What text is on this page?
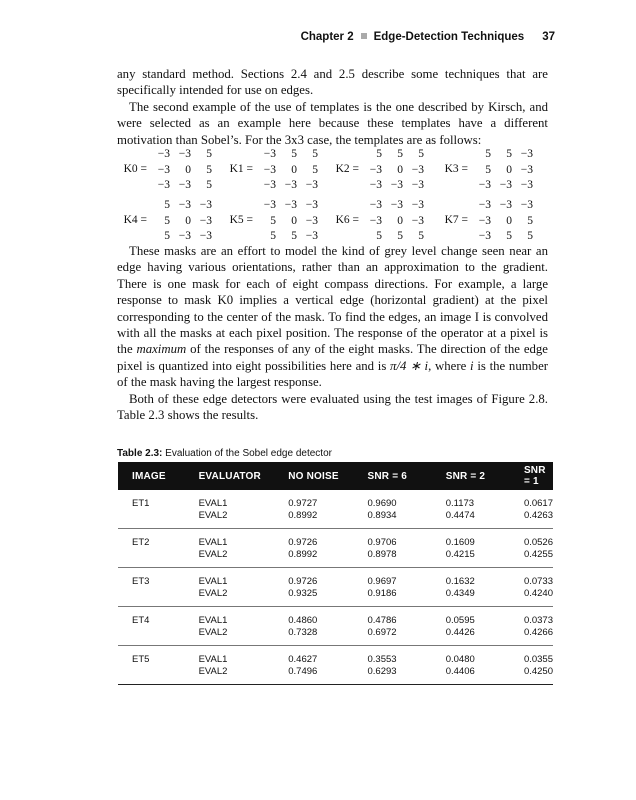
Chapter 2 Edge-Detection Techniques 37

any standard method. Sections 2.4 and 2.5 describe some techniques that are specifically intended for use on edges.

The second example of the use of templates is the one described by Kirsch, and were selected as an example here because these templates have a different motivation than Sobel’s. For the 3x3 case, the templates are as follows:

K0 =
−3	−3	5
−3	0	5
−3	−3	5
K1 =
−3	5	5
−3	0	5
−3	−3	−3
K2 =
5	5	5
−3	0	−3
−3	−3	−3
K3 =
5	5	−3
5	0	−3
−3	−3	−3
K4 =
5	−3	−3
5	0	−3
5	−3	−3
K5 =
−3	−3	−3
5	0	−3
5	5	−3
K6 =
−3	−3	−3
−3	0	−3
5	5	5
K7 =
−3	−3	−3
−3	0	5
−3	5	5

These masks are an effort to model the kind of grey level change seen near an edge having various orientations, rather than an approximation to the gradient. There is one mask for each of eight compass directions. For example, a large response to mask K0 implies a vertical edge (horizontal gradient) at the pixel corresponding to the center of the mask. To find the edges, an image I is convolved with all the masks at each pixel position. The response of the operator at a pixel is the maximum of the responses of any of the eight masks. The direction of the edge pixel is quantized into eight possibilities here and is π/4 ∗ i, where i is the number of the mask having the largest response.

Both of these edge detectors were evaluated using the test images of Figure 2.8. Table 2.3 shows the results.

Table 2.3: Evaluation of the Sobel edge detector
IMAGE	EVALUATOR	NO NOISE	SNR = 6	SNR = 2	SNR = 1
ET1	EVAL1	0.9727	0.9690	0.1173	0.0617
	EVAL2	0.8992	0.8934	0.4474	0.4263
ET2	EVAL1	0.9726	0.9706	0.1609	0.0526
	EVAL2	0.8992	0.8978	0.4215	0.4255
ET3	EVAL1	0.9726	0.9697	0.1632	0.0733
	EVAL2	0.9325	0.9186	0.4349	0.4240
ET4	EVAL1	0.4860	0.4786	0.0595	0.0373
	EVAL2	0.7328	0.6972	0.4426	0.4266
ET5	EVAL1	0.4627	0.3553	0.0480	0.0355
	EVAL2	0.7496	0.6293	0.4406	0.4250
